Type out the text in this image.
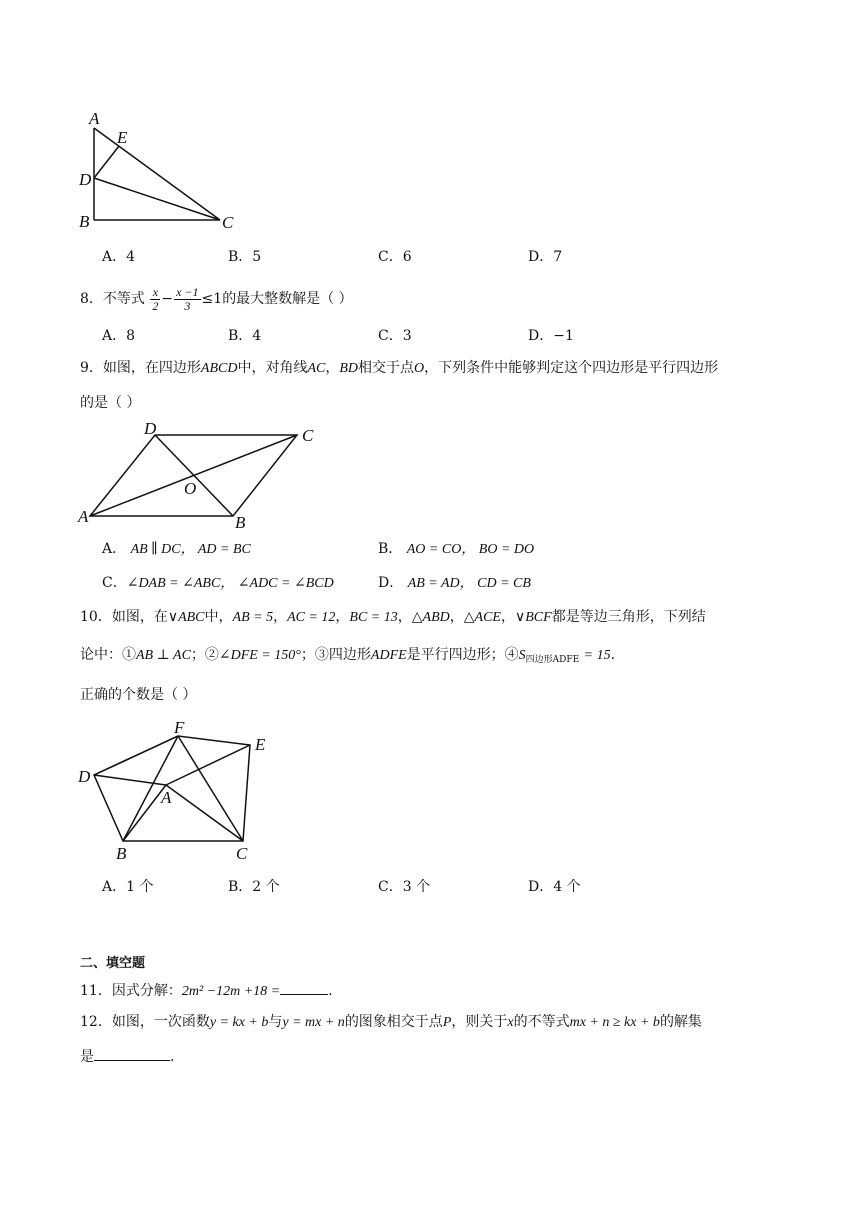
A
E
D
B	C
A．4	B．5	C．6	D．7
8．不等式 $\frac{x}{2} - \frac{x -1}{3} \le 1$的最大整数解是（ ）
A．8	B．4	C．3	D．−1
9．如图，在四边形ABCD中，对角线AC，BD相交于点O，下列条件中能够判定这个四边形是平行四边形
的是（ ）
D	C
O
A	B
A． AB ∥ DC， AD = BC	B． AO = CO， BO = DO
C．∠DAB = ∠ABC， ∠ADC = ∠BCD	D． AB = AD， CD = CB
10．如图，在∨ABC中，AB = 5，AC = 12，BC = 13，△ABD，△ACE，∨BCF都是等边三角形，下列结
论中：①AB ⊥ AC；②∠DFE = 150°；③四边形ADFE是平行四边形；$④S_{四边形ADFE} = 15$.
正确的个数是（ ）
F
E
D
A
B	C
A．1 个	B．2 个	C．3 个	D．4 个
二、填空题
11．因式分解：2m² −12m +18 =	.
12．如图，一次函数y = kx + b与y = mx + n的图象相交于点P，则关于x的不等式mx + n ≥ kx + b的解集
是	.
